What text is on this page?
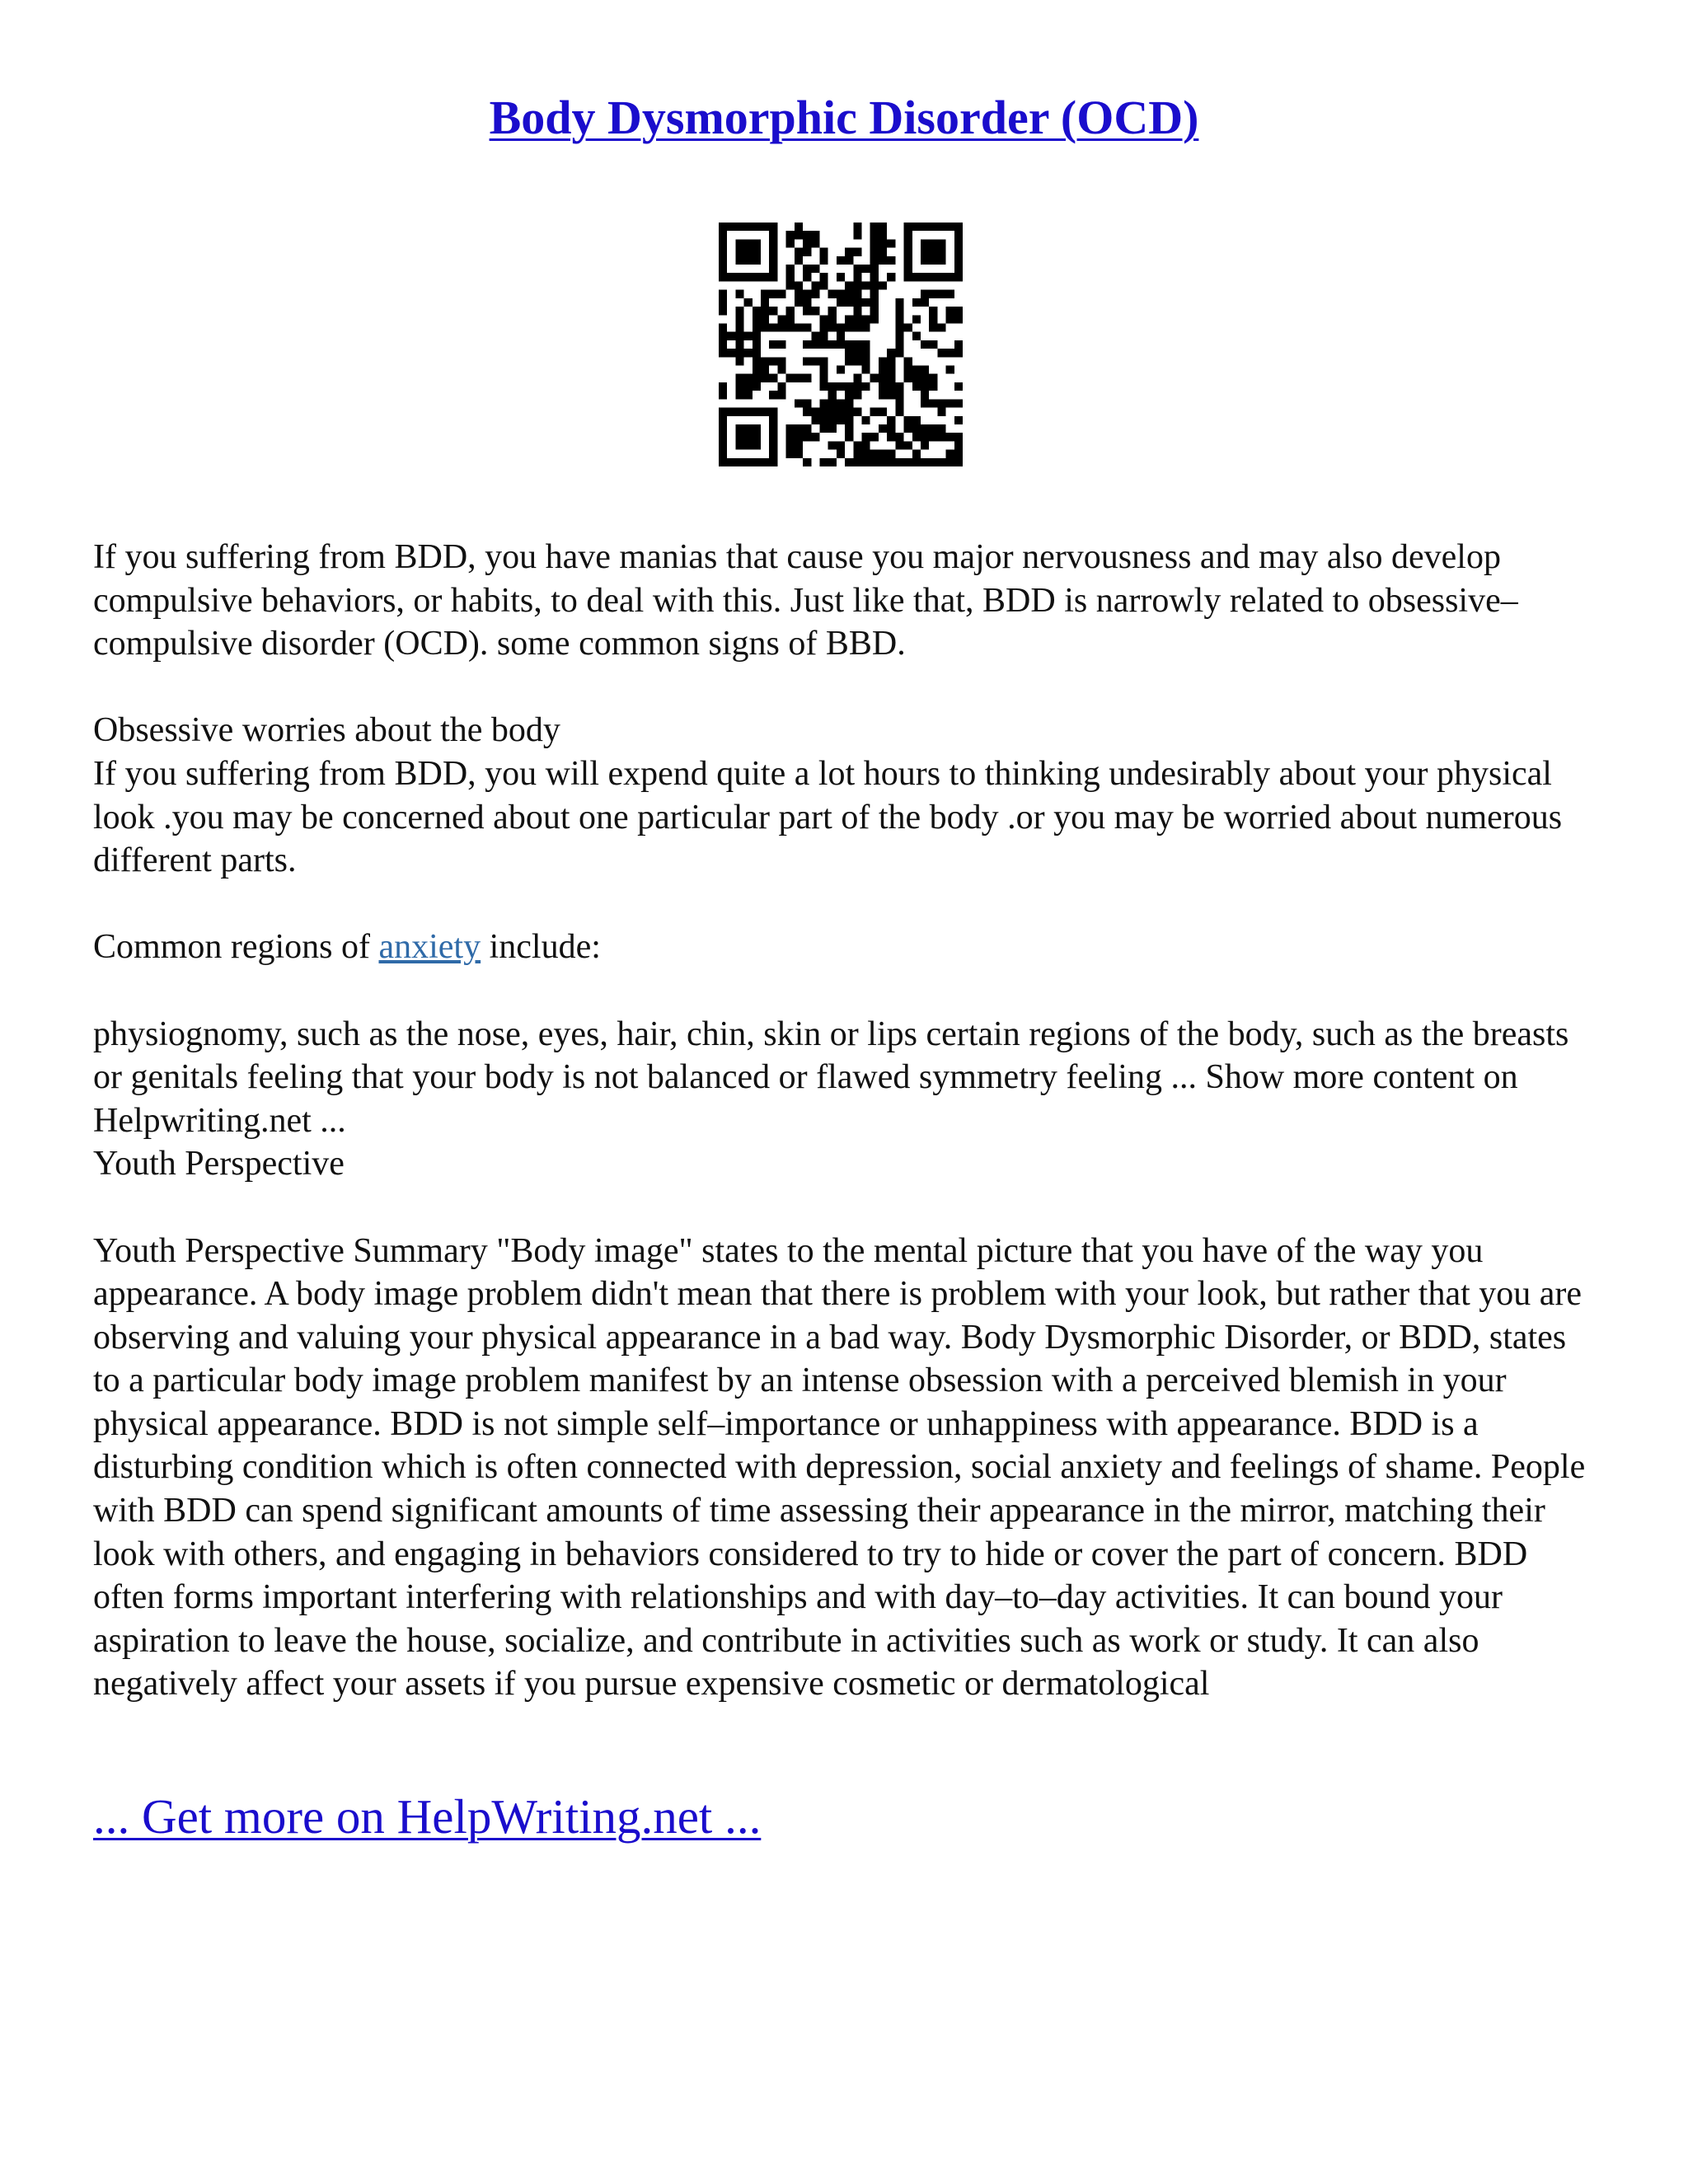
Body Dysmorphic Disorder (OCD)

If you suffering from BDD, you have manias that cause you major nervousness and may also develop compulsive behaviors, or habits, to deal with this. Just like that, BDD is narrowly related to obsessive–compulsive disorder (OCD). some common signs of BBD.

Obsessive worries about the body

If you suffering from BDD, you will expend quite a lot hours to thinking undesirably about your physical look .you may be concerned about one particular part of the body .or you may be worried about numerous different parts.

Common regions of anxiety include:

physiognomy, such as the nose, eyes, hair, chin, skin or lips certain regions of the body, such as the breasts or genitals feeling that your body is not balanced or flawed symmetry feeling ... Show more content on Helpwriting.net ...

Youth Perspective

Youth Perspective Summary "Body image" states to the mental picture that you have of the way you appearance. A body image problem didn't mean that there is problem with your look, but rather that you are observing and valuing your physical appearance in a bad way. Body Dysmorphic Disorder, or BDD, states to a particular body image problem manifest by an intense obsession with a perceived blemish in your physical appearance. BDD is not simple self–importance or unhappiness with appearance. BDD is a disturbing condition which is often connected with depression, social anxiety and feelings of shame. People with BDD can spend significant amounts of time assessing their appearance in the mirror, matching their look with others, and engaging in behaviors considered to try to hide or cover the part of concern. BDD often forms important interfering with relationships and with day–to–day activities. It can bound your aspiration to leave the house, socialize, and contribute in activities such as work or study. It can also negatively affect your assets if you pursue expensive cosmetic or dermatological

... Get more on HelpWriting.net ...
